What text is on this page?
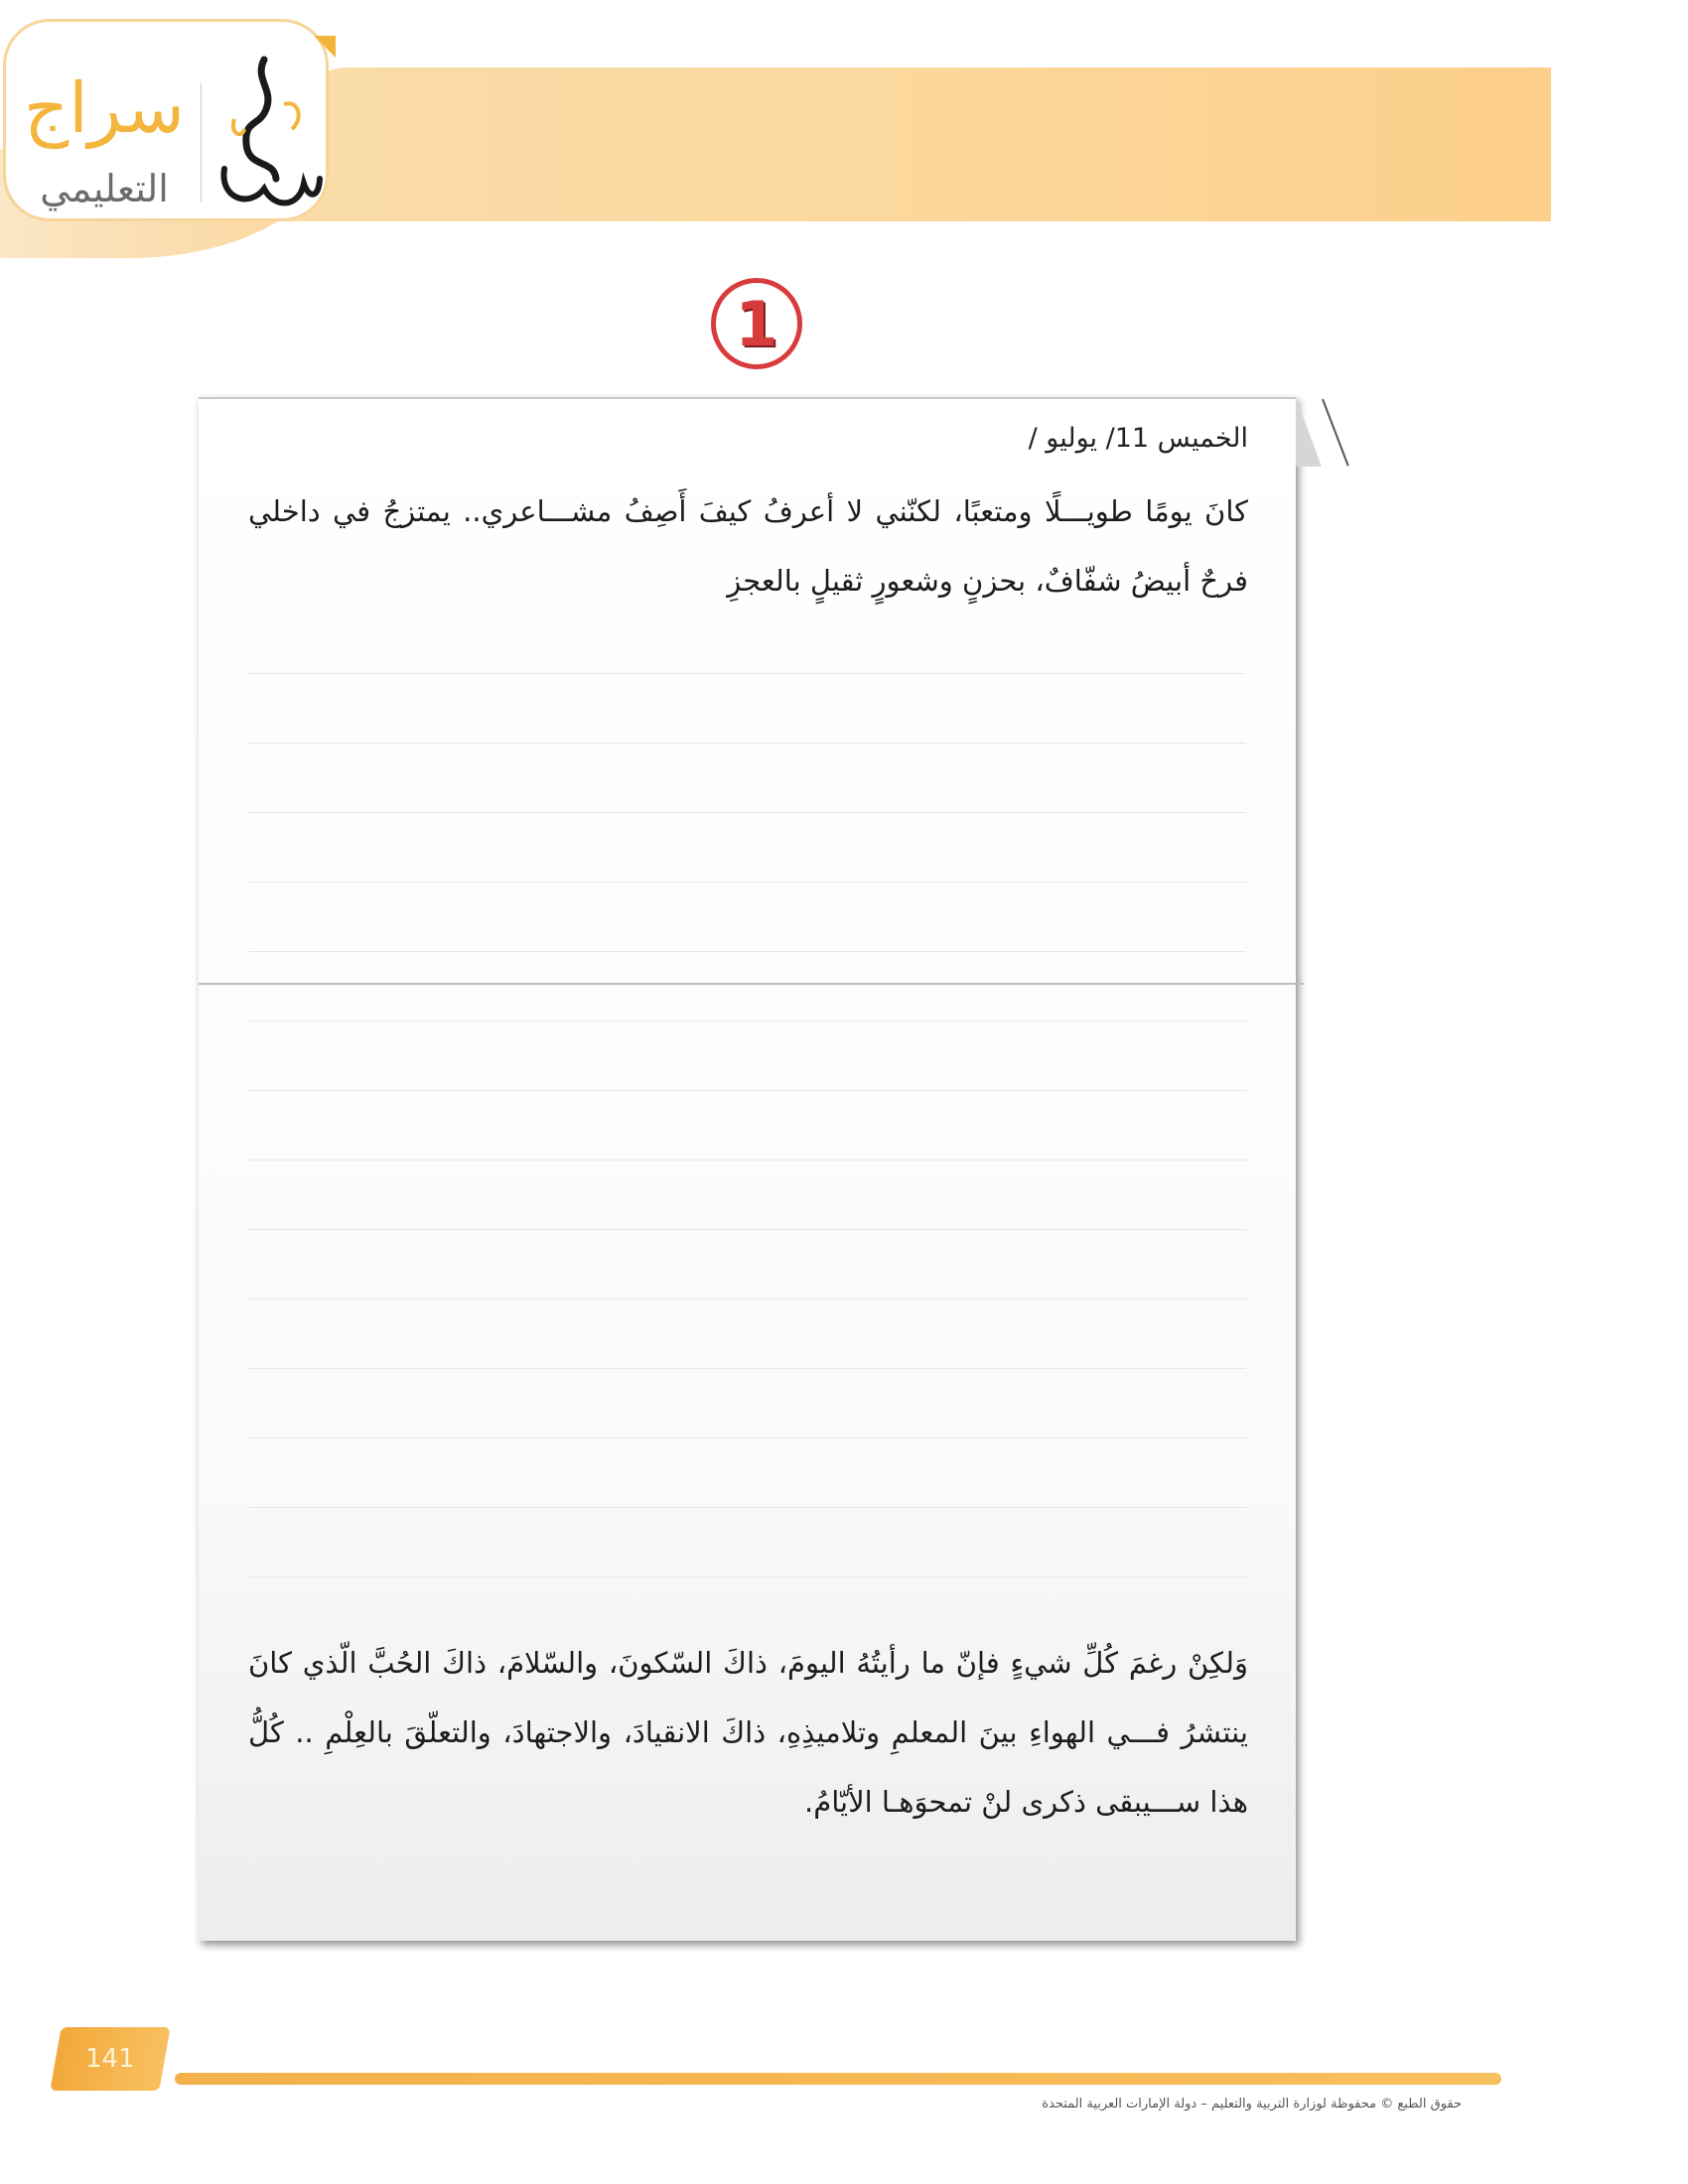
سراج
التعليمي
1
الخميس 11/ يوليو /
كانَ يومًا طويـــلًا ومتعبًا، لكنّني لا أعرفُ كيفَ أَصِفُ مشـــاعري.. يمتزجُ في داخلي فرحٌ أبيضُ شفّافٌ، بحزنٍ وشعورٍ ثقيلٍ بالعجزِ
وَلكِنْ رغمَ كُلِّ شيءٍ فإنّ ما رأيتُهُ اليومَ، ذاكَ السّكونَ، والسّلامَ، ذاكَ الحُبَّ الّذي كانَ ينتشرُ فـــي الهواءِ بينَ المعلمِ وتلاميذِهِ، ذاكَ الانقيادَ، والاجتهادَ، والتعلّقَ بالعِلْمِ .. كُلُّ هذا ســـيبقى ذكرى لنْ تمحوَهـا الأيّامُ.
141
حقوق الطبع © محفوظة لوزارة التربية والتعليم – دولة الإمارات العربية المتحدة
